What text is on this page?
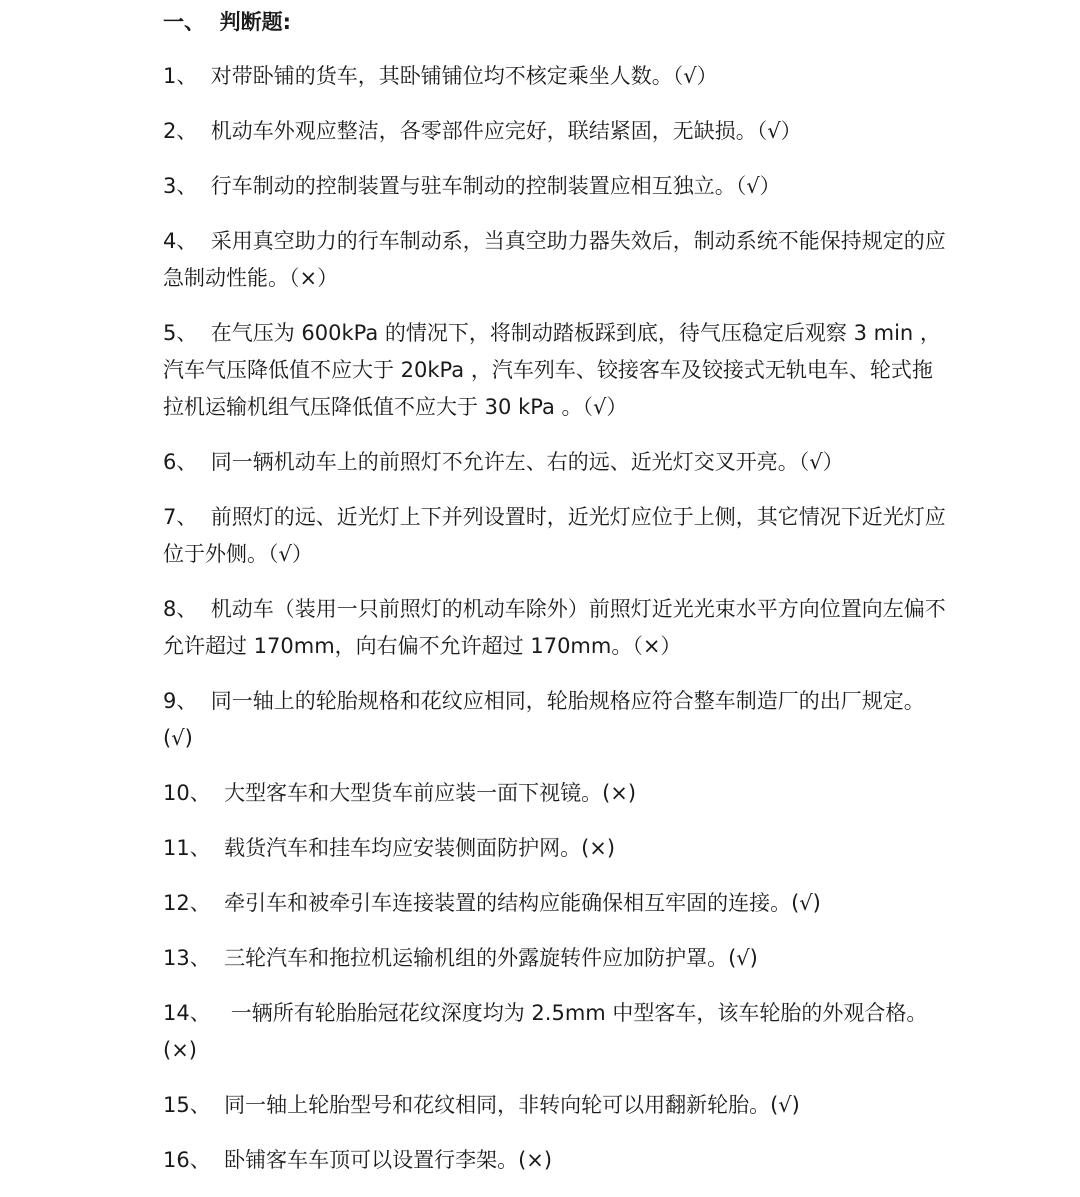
一、  判断题:
1、  对带卧铺的货车，其卧铺铺位均不核定乘坐人数。（√）
2、  机动车外观应整洁，各零部件应完好，联结紧固，无缺损。（√）
3、  行车制动的控制装置与驻车制动的控制装置应相互独立。（√）
4、  采用真空助力的行车制动系，当真空助力器失效后，制动系统不能保持规定的应急制动性能。（×）
5、  在气压为 600kPa 的情况下，将制动踏板踩到底，待气压稳定后观察 3 min ，汽车气压降低值不应大于 20kPa ，汽车列车、铰接客车及铰接式无轨电车、轮式拖拉机运输机组气压降低值不应大于 30 kPa 。（√）
6、  同一辆机动车上的前照灯不允许左、右的远、近光灯交叉开亮。（√）
7、  前照灯的远、近光灯上下并列设置时，近光灯应位于上侧，其它情况下近光灯应位于外侧。（√）
8、  机动车（装用一只前照灯的机动车除外）前照灯近光光束水平方向位置向左偏不允许超过 170mm，向右偏不允许超过 170mm。（×）
9、  同一轴上的轮胎规格和花纹应相同，轮胎规格应符合整车制造厂的出厂规定。(√)
10、  大型客车和大型货车前应装一面下视镜。(×)
11、  载货汽车和挂车均应安装侧面防护网。(×)
12、  牵引车和被牵引车连接装置的结构应能确保相互牢固的连接。(√)
13、  三轮汽车和拖拉机运输机组的外露旋转件应加防护罩。(√)
14、   一辆所有轮胎胎冠花纹深度均为 2.5mm 中型客车，该车轮胎的外观合格。(×)
15、  同一轴上轮胎型号和花纹相同，非转向轮可以用翻新轮胎。(√)
16、  卧铺客车车顶可以设置行李架。(×)
